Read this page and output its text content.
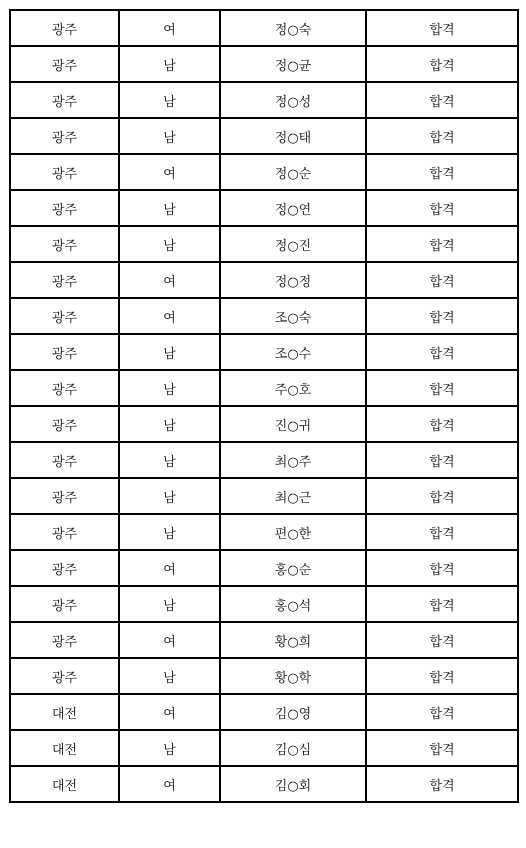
광주	여	정○숙	합격
광주	남	정○균	합격
광주	남	정○성	합격
광주	남	정○태	합격
광주	여	정○순	합격
광주	남	정○연	합격
광주	남	정○진	합격
광주	여	정○정	합격
광주	여	조○숙	합격
광주	남	조○수	합격
광주	남	주○호	합격
광주	남	진○귀	합격
광주	남	최○주	합격
광주	남	최○근	합격
광주	남	편○한	합격
광주	여	홍○순	합격
광주	남	홍○석	합격
광주	여	황○희	합격
광주	남	황○학	합격
대전	여	김○영	합격
대전	남	김○심	합격
대전	여	김○회	합격
